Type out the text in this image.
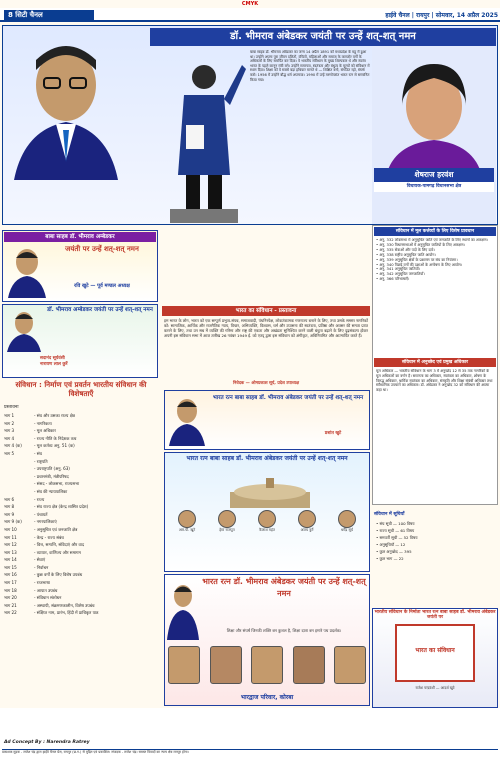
CMYK
8 सिटी चैनल	हाईवे चैनल | रायपुर | सोमवार, 14 अप्रैल 2025
डॉ. भीमराव अंबेडकर जयंती पर उन्हें शत्-शत् नमन
बाबा साहब डॉ. भीमराव अंबेडकर का जन्म 14 अप्रैल 1891 को मध्यप्रदेश के महू में हुआ था। उन्होंने अपना पूरा जीवन दलितों, वंचितों, महिलाओं और समाज के कमजोर वर्गों के अधिकारों के लिए समर्पित कर दिया। वे भारतीय संविधान के मुख्य शिल्पकार थे और स्वतंत्र भारत के पहले कानून मंत्री बने। उन्होंने समानता, स्वतंत्रता और बंधुत्व के मूल्यों को संविधान में स्थान दिया। शिक्षा को वे सबसे बड़ा हथियार मानते थे — शिक्षित बनो, संगठित रहो, संघर्ष करो। 1956 में उन्होंने बौद्ध धर्म अपनाया। 1990 में उन्हें मरणोपरांत भारत रत्न से सम्मानित किया गया।
शेषराज हरवंश
विधायक-पामगढ़ विधानसभा क्षेत्र
संविधान में मूल कर्त्तव्यों के लिए विशेष प्रावधान
• अनु. 332 लोकसभा में अनुसूचित जाति एवं जनजाति के लिए स्थानों का आरक्षण।
• अनु. 330 विधानसभाओं में अनुसूचित जातियों के लिए आरक्षण।
• अनु. 335 सेवाओं और पदों के लिए दावे।
• अनु. 338 राष्ट्रीय अनुसूचित जाति आयोग।
• अनु. 339 अनुसूचित क्षेत्रों के प्रशासन पर संघ का नियंत्रण।
• अनु. 340 पिछड़े वर्गों की दशाओं के अन्वेषण के लिए आयोग।
• अनु. 341 अनुसूचित जातियाँ।
• अनु. 342 अनुसूचित जनजातियाँ।
• अनु. 366 परिभाषाएँ।
संविधान में अनुच्छेद एवं प्रमुख अधिकार
मूल अधिकार — भारतीय संविधान के भाग 3 में अनुच्छेद 12 से 35 तक नागरिकों के मूल अधिकारों का वर्णन है। समानता का अधिकार, स्वतंत्रता का अधिकार, शोषण के विरुद्ध अधिकार, धार्मिक स्वतंत्रता का अधिकार, संस्कृति और शिक्षा संबंधी अधिकार तथा संवैधानिक उपचारों का अधिकार। डॉ. अंबेडकर ने अनुच्छेद 32 को संविधान की आत्मा कहा था।
बाबा साहब डॉ. भीमराव अम्बेडकर
जयंती पर उन्हें शत्-शत् नमन
रवि खुटे — पूर्व मण्डल अध्यक्ष
डॉ. भीमराव अम्बेडकर जयंती पर उन्हें शत्-शत् नमन
सदानंद सूर्यवंशी
नारायण लाल कुर्रे
भारत का संविधान - प्रस्तावना
हम भारत के लोग, भारत को एक सम्पूर्ण प्रभुत्व-संपन्न, समाजवादी, पंथनिरपेक्ष, लोकतंत्रात्मक गणराज्य बनाने के लिए, तथा उसके समस्त नागरिकों को: सामाजिक, आर्थिक और राजनैतिक न्याय, विचार, अभिव्यक्ति, विश्वास, धर्म और उपासना की स्वतंत्रता, प्रतिष्ठा और अवसर की समता प्राप्त कराने के लिए, तथा उन सब में व्यक्ति की गरिमा और राष्ट्र की एकता और अखंडता सुनिश्चित करने वाली बंधुता बढ़ाने के लिए दृढ़संकल्प होकर अपनी इस संविधान सभा में आज तारीख 26 नवंबर 1949 ई. को एतद् द्वारा इस संविधान को अंगीकृत, अधिनियमित और आत्मार्पित करते हैं।
निवेदक — ओमप्रकाश सूर्य, प्रदेश उपाध्यक्ष
संविधान : निर्माण एवं प्रवर्तन भारतीय संविधान की विशेषताएँ
प्रस्तावना
भाग 1	- संघ और उसका राज्य क्षेत्र
भाग 2	- नागरिकता
भाग 3	- मूल अधिकार
भाग 4	- राज्य नीति के निदेशक तत्व
भाग 4 (क)	- मूल कर्तव्य अनु. 51 (क)
भाग 5	- संघ
- राष्ट्रपति
- उपराष्ट्रपति (अनु. 63)
- प्रधानमंत्री, मंत्रीपरिषद
- संसद - लोकसभा, राज्यसभा
- संघ की न्यायपालिका
भाग 6	- राज्य
भाग 8	- संघ राज्य क्षेत्र (केन्द्र शासित प्रदेश)
भाग 9	- पंचायतें
भाग 9 (क)	- नगरपालिकाएं
भाग 10	- अनुसूचित एवं जनजाति क्षेत्र
भाग 11	- केन्द्र - राज्य संबंध
भाग 12	- वित्त, सम्पत्ति, संविदाएं और वाद
भाग 13	- व्यापार, वाणिज्य और समागम
भाग 14	- सेवाएं
भाग 15	- निर्वाचन
भाग 16	- कुछ वर्गों के लिए विशेष उपबंध
भाग 17	- राजभाषा
भाग 18	- आपात उपबंध
भाग 20	- संविधान संशोधन
भाग 21	- अस्थायी, संक्रमणकालीन, विशेष उपबंध
भाग 22	- संक्षिप्त नाम, प्रारंभ, हिंदी में प्राधिकृत पाठ
भारत रत्न बाबा साहब डॉ. भीमराव अंबेडकर जयंती पर उन्हें शत्-शत् नमन
प्रशांत खुटे
भारत रत्न बाबा साहब डॉ. भीमराव अंबेडकर जयंती पर उन्हें शत्-शत् नमन
आर.पी. खुटे	हेमा राजपूत	कैलाश महंत	अजय कुर्रे	धर्मेंद्र सूर्य
भारत रत्न डॉ. भीमराव अंबेडकर जयंती पर उन्हें शत्-शत् नमन
शिक्षा और संघर्ष जिनकी शक्ति बन कुशल है, शिक्षा दाता बन हमारे पथ प्रदर्शक।
भारद्वाज परिवार, कोरबा
संविधान में सूचियाँ
• संघ सूची — 100 विषय
• राज्य सूची — 61 विषय
• समवर्ती सूची — 52 विषय
• अनुसूचियाँ — 12
• कुल अनुच्छेद — 395
• कुल भाग — 22
भारतीय संविधान के निर्माता भारत रत्न बाबा साहब डॉ. भीमराव अंबेडकर जयंती पर
भारत का संविधान
राजेश चन्द्रवंशी — आदर्श खुटे
Ad Concept By : Narendra Ratrey
प्रकाशक मुद्रक - राजेश चंद्र द्वारा हाईवे चैनल प्रेस, रायपुर (छ.ग.) से मुद्रित एवं प्रकाशित। संपादक - राजेश चंद्र। समस्त विवादों का न्याय क्षेत्र रायपुर होगा।
